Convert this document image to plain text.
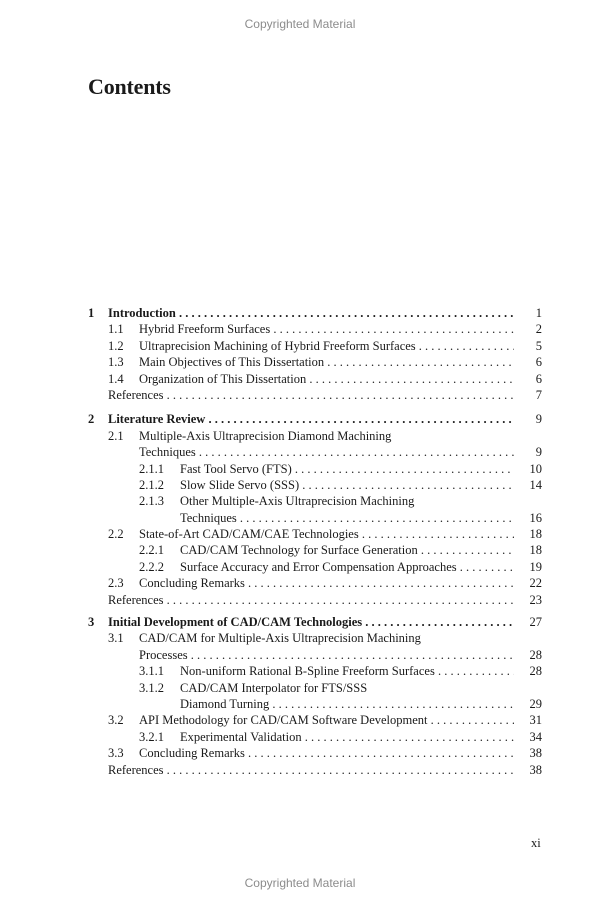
Copyrighted Material
Contents
1 Introduction . . .	1
1.1 Hybrid Freeform Surfaces . . .	2
1.2 Ultraprecision Machining of Hybrid Freeform Surfaces . . .	5
1.3 Main Objectives of This Dissertation . . .	6
1.4 Organization of This Dissertation . . .	6
References . . .	7
2 Literature Review . . .	9
2.1 Multiple-Axis Ultraprecision Diamond Machining
Techniques . . .	9
2.1.1 Fast Tool Servo (FTS) . . .	10
2.1.2 Slow Slide Servo (SSS) . . .	14
2.1.3 Other Multiple-Axis Ultraprecision Machining
Techniques . . .	16
2.2 State-of-Art CAD/CAM/CAE Technologies . . .	18
2.2.1 CAD/CAM Technology for Surface Generation . . .	18
2.2.2 Surface Accuracy and Error Compensation Approaches . . .	19
2.3 Concluding Remarks . . .	22
References . . .	23
3 Initial Development of CAD/CAM Technologies . . .	27
3.1 CAD/CAM for Multiple-Axis Ultraprecision Machining
Processes . . .	28
3.1.1 Non-uniform Rational B-Spline Freeform Surfaces . . .	28
3.1.2 CAD/CAM Interpolator for FTS/SSS
Diamond Turning . . .	29
3.2 API Methodology for CAD/CAM Software Development . . .	31
3.2.1 Experimental Validation . . .	34
3.3 Concluding Remarks . . .	38
References . . .	38
xi
Copyrighted Material
